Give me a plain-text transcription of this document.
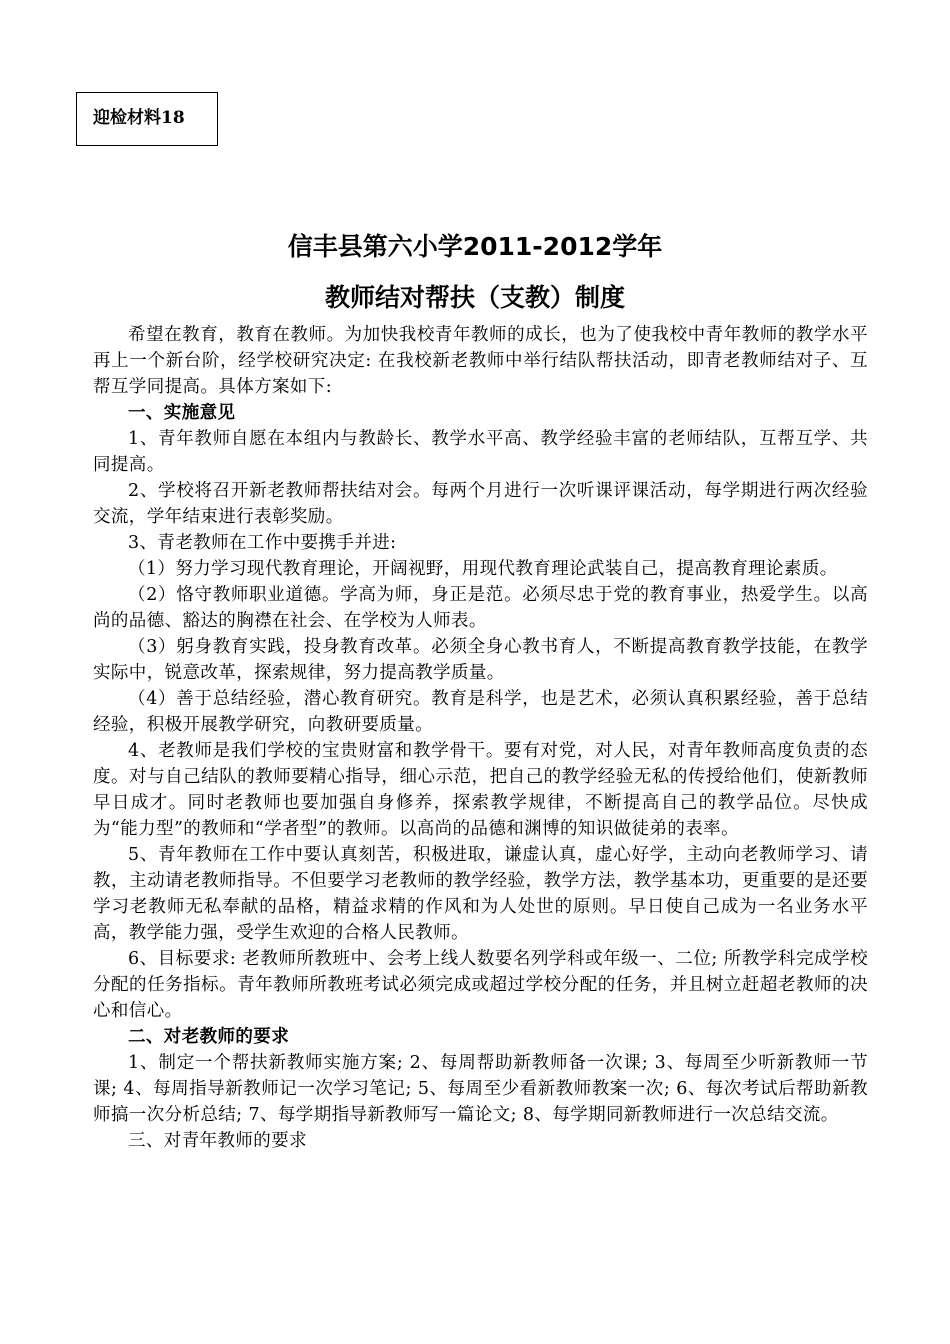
迎检材料18
信丰县第六小学2011-2012学年
教师结对帮扶（支教）制度

希望在教育，教育在教师。为加快我校青年教师的成长，也为了使我校中青年教师的教学水平再上一个新台阶，经学校研究决定: 在我校新老教师中举行结队帮扶活动，即青老教师结对子、互帮互学同提高。具体方案如下:

一、实施意见

1、青年教师自愿在本组内与教龄长、教学水平高、教学经验丰富的老师结队，互帮互学、共同提高。

2、学校将召开新老教师帮扶结对会。每两个月进行一次听课评课活动，每学期进行两次经验交流，学年结束进行表彰奖励。

3、青老教师在工作中要携手并进:

（1）努力学习现代教育理论，开阔视野，用现代教育理论武装自己，提高教育理论素质。

（2）恪守教师职业道德。学高为师，身正是范。必须尽忠于党的教育事业，热爱学生。以高尚的品德、豁达的胸襟在社会、在学校为人师表。

（3）躬身教育实践，投身教育改革。必须全身心教书育人，不断提高教育教学技能，在教学实际中，锐意改革，探索规律，努力提高教学质量。

（4）善于总结经验，潜心教育研究。教育是科学，也是艺术，必须认真积累经验，善于总结经验，积极开展教学研究，向教研要质量。

4、老教师是我们学校的宝贵财富和教学骨干。要有对党，对人民，对青年教师高度负责的态度。对与自己结队的教师要精心指导，细心示范，把自己的教学经验无私的传授给他们，使新教师早日成才。同时老教师也要加强自身修养，探索教学规律，不断提高自己的教学品位。尽快成为“能力型”的教师和“学者型”的教师。以高尚的品德和渊博的知识做徒弟的表率。

5、青年教师在工作中要认真刻苦，积极进取，谦虚认真，虚心好学，主动向老教师学习、请教，主动请老教师指导。不但要学习老教师的教学经验，教学方法，教学基本功，更重要的是还要学习老教师无私奉献的品格，精益求精的作风和为人处世的原则。早日使自己成为一名业务水平高，教学能力强，受学生欢迎的合格人民教师。

6、目标要求: 老教师所教班中、会考上线人数要名列学科或年级一、二位; 所教学科完成学校分配的任务指标。青年教师所教班考试必须完成或超过学校分配的任务，并且树立赶超老教师的决心和信心。

二、对老教师的要求

1、制定一个帮扶新教师实施方案; 2、每周帮助新教师备一次课; 3、每周至少听新教师一节课; 4、每周指导新教师记一次学习笔记; 5、每周至少看新教师教案一次; 6、每次考试后帮助新教师搞一次分析总结; 7、每学期指导新教师写一篇论文; 8、每学期同新教师进行一次总结交流。

三、对青年教师的要求
